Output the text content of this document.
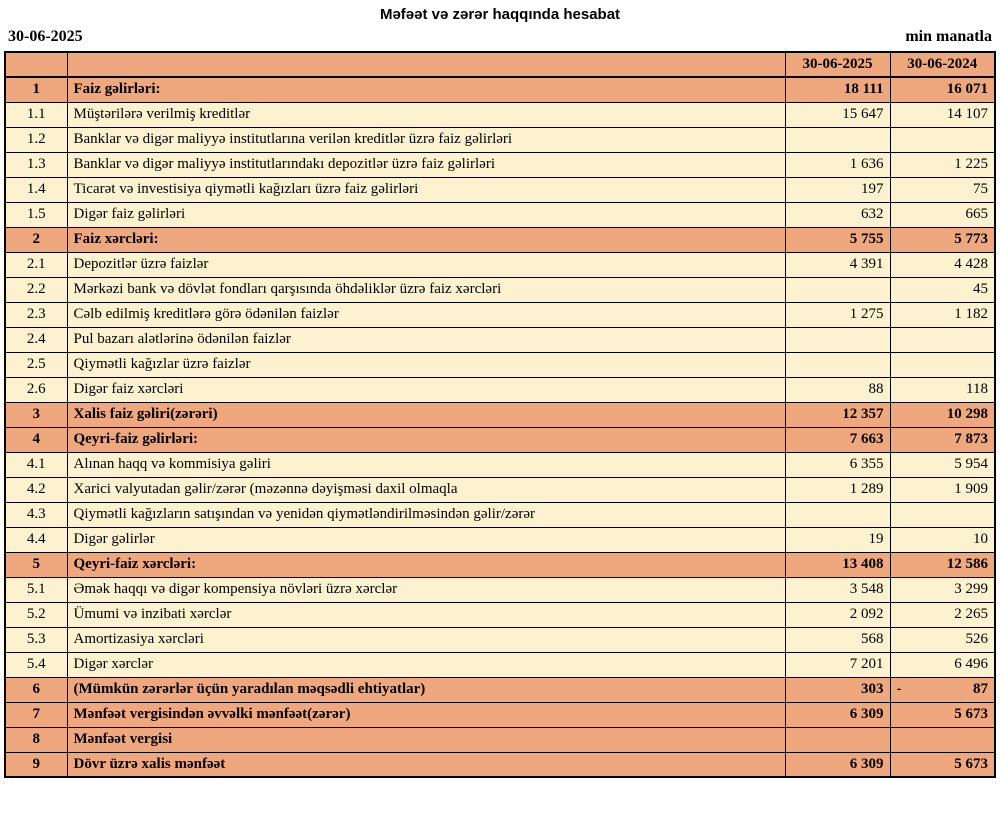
Məfəət və zərər haqqında hesabat
30-06-2025	min manatla
		30-06-2025	30-06-2024
1	Faiz gəlirləri:	18 111	16 071
1.1	Müştərilərə verilmiş kreditlər	15 647	14 107
1.2	Banklar və digər maliyyə institutlarına verilən kreditlər üzrə faiz gəlirləri		
1.3	Banklar və digər maliyyə institutlarındakı depozitlər üzrə faiz gəlirləri	1 636	1 225
1.4	Ticarət və investisiya qiymətli kağızları üzrə faiz gəlirləri	197	75
1.5	Digər faiz gəlirləri	632	665
2	Faiz xərcləri:	5 755	5 773
2.1	Depozitlər üzrə faizlər	4 391	4 428
2.2	Mərkəzi bank və dövlət fondları qarşısında öhdəliklər üzrə faiz xərcləri		45
2.3	Cəlb edilmiş kreditlərə görə ödənilən faizlər	1 275	1 182
2.4	Pul bazarı alətlərinə ödənilən faizlər		
2.5	Qiymətli kağızlar üzrə faizlər		
2.6	Digər faiz xərcləri	88	118
3	Xalis faiz gəliri(zərəri)	12 357	10 298
4	Qeyri-faiz gəlirləri:	7 663	7 873
4.1	Alınan haqq və kommisiya gəliri	6 355	5 954
4.2	Xarici valyutadan gəlir/zərər (məzənnə dəyişməsi daxil olmaqla	1 289	1 909
4.3	Qiymətli kağızların satışından və yenidən qiymətləndirilməsindən gəlir/zərər		
4.4	Digər gəlirlər	19	10
5	Qeyri-faiz xərcləri:	13 408	12 586
5.1	Əmək haqqı və digər kompensiya növləri üzrə xərclər	3 548	3 299
5.2	Ümumi və inzibati xərclər	2 092	2 265
5.3	Amortizasiya xərcləri	568	526
5.4	Digər xərclər	7 201	6 496
6	(Mümkün zərərlər üçün yaradılan məqsədli ehtiyatlar)	303	- 87

7	Mənfəət vergisindən əvvəlki mənfəət(zərər)	6 309	5 673
8	Mənfəət vergisi		
9	Dövr üzrə xalis mənfəət	6 309	5 673
